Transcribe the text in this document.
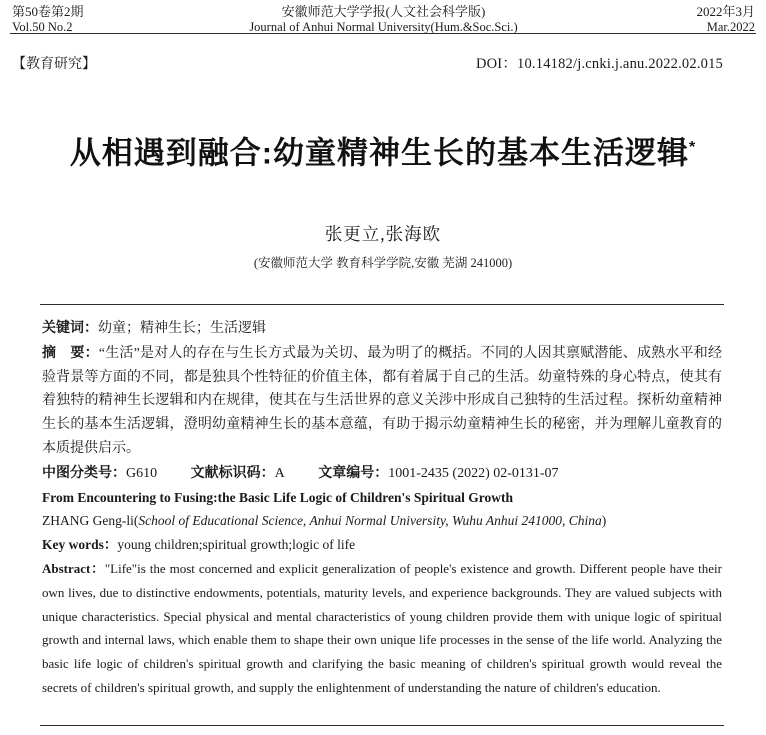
第50卷第2期
Vol.50 No.2
安徽师范大学学报(人文社会科学版)
Journal of Anhui Normal University(Hum.&Soc.Sci.)
2022年3月
Mar.2022
【教育研究】	DOI：10.14182/j.cnki.j.anu.2022.02.015
从相遇到融合:幼童精神生长的基本生活逻辑*
张更立,张海欧
(安徽师范大学 教育科学学院,安徽 芜湖 241000)

关键词：幼童；精神生长；生活逻辑

摘　要：“生活”是对人的存在与生长方式最为关切、最为明了的概括。不同的人因其禀赋潜能、成熟水平和经验背景等方面的不同，都是独具个性特征的价值主体，都有着属于自己的生活。幼童特殊的身心特点，使其有着独特的精神生长逻辑和内在规律，使其在与生活世界的意义关涉中形成自己独特的生活过程。探析幼童精神生长的基本生活逻辑，澄明幼童精神生长的基本意蕴，有助于揭示幼童精神生长的秘密，并为理解儿童教育的本质提供启示。

中图分类号：G610 文献标识码：A 文章编号：1001-2435 (2022) 02-0131-07

From Encountering to Fusing:the Basic Life Logic of Children's Spiritual Growth

ZHANG Geng-li(School of Educational Science, Anhui Normal University, Wuhu Anhui 241000, China)

Key words：young children;spiritual growth;logic of life

Abstract："Life"is the most concerned and explicit generalization of people's existence and growth. Different people have their own lives, due to distinctive endowments, potentials, maturity levels, and experience backgrounds. They are valued subjects with unique characteristics. Special physical and mental characteristics of young children provide them with unique logic of spiritual growth and internal laws, which enable them to shape their own unique life processes in the sense of the life world. Analyzing the basic life logic of children's spiritual growth and clarifying the basic meaning of children's spiritual growth would reveal the secrets of children's spiritual growth, and supply the enlightenment of understanding the nature of children's education.
